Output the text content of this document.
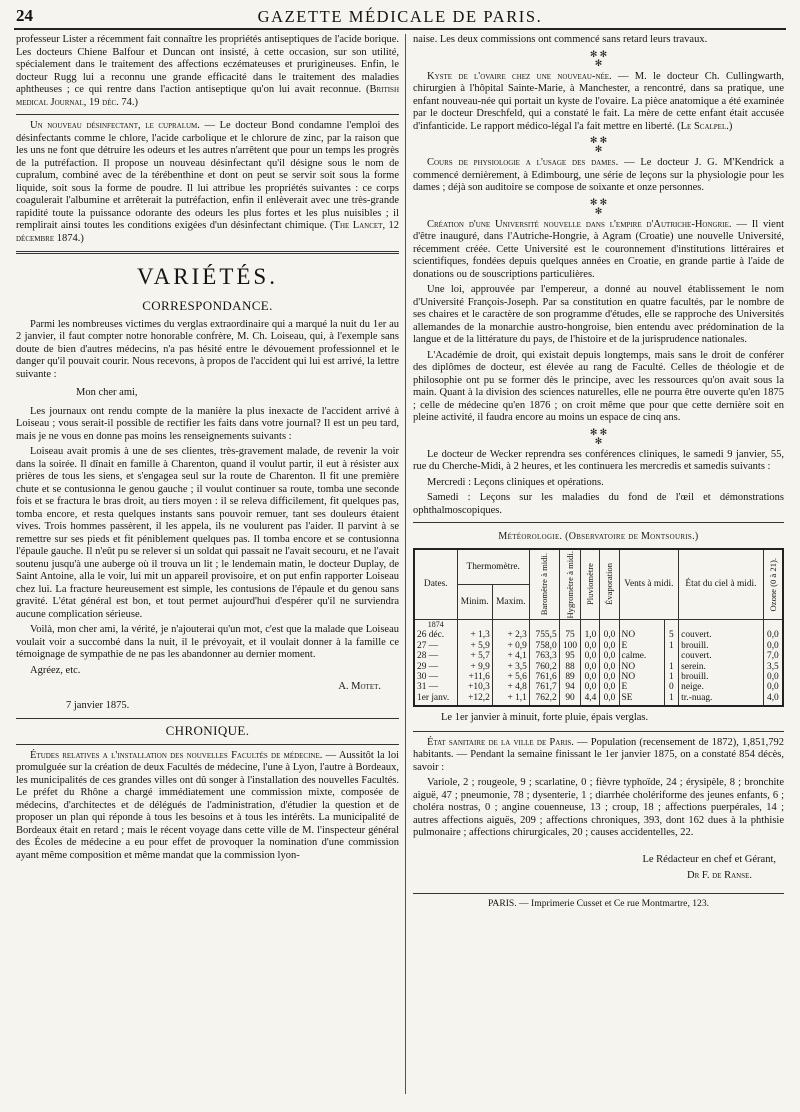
24	GAZETTE MÉDICALE DE PARIS.

professeur Lister a récemment fait connaître les propriétés antiseptiques de l'acide borique. Les docteurs Chiene Balfour et Duncan ont insisté, à cette occasion, sur son utilité, spécialement dans le traitement des affections eczémateuses et prurigineuses. Enfin, le docteur Rugg lui a reconnu une grande efficacité dans le traitement des maladies aphtheuses ; ce qui rentre dans l'action antiseptique qu'on lui avait reconnue. (British medical Journal, 19 déc. 74.)

Un nouveau désinfectant, le cupralum. — Le docteur Bond condamne l'emploi des désinfectants comme le chlore, l'acide carbolique et le chlorure de zinc, par la raison que les uns ne font que détruire les odeurs et les autres n'arrêtent que pour un temps les progrès de la putréfaction. Il propose un nouveau désinfectant qu'il désigne sous le nom de cupralum, combiné avec de la térébenthine et dont on peut se servir soit sous la forme liquide, soit sous la forme de poudre. Il lui attribue les propriétés suivantes : ce corps coagulerait l'albumine et arrêterait la putréfaction, enfin il enlèverait avec une très-grande rapidité toute la puissance odorante des odeurs les plus fortes et les plus nuisibles ; il remplirait ainsi toutes les conditions exigées d'un désinfectant chimique. (The Lancet, 12 décembre 1874.)

VARIÉTÉS.
CORRESPONDANCE.

Parmi les nombreuses victimes du verglas extraordinaire qui a marqué la nuit du 1er au 2 janvier, il faut compter notre honorable confrère, M. Ch. Loiseau, qui, à l'exemple sans doute de bien d'autres médecins, n'a pas hésité entre le dévouement professionnel et le danger qu'il pouvait courir. Nous recevons, à propos de l'accident qui lui est arrivé, la lettre suivante :

Mon cher ami,

Les journaux ont rendu compte de la manière la plus inexacte de l'accident arrivé à Loiseau ; vous serait-il possible de rectifier les faits dans votre journal? Il est un peu tard, mais je ne vous en donne pas moins les renseignements suivants :

Loiseau avait promis à une de ses clientes, très-gravement malade, de revenir la voir dans la soirée. Il dînait en famille à Charenton, quand il voulut partir, il eut à résister aux prières de tous les siens, et s'engagea seul sur la route de Charenton. Il fit une première chute et se contusionna le genou gauche ; il voulut continuer sa route, tomba une seconde fois et se fractura le bras droit, au tiers moyen : il se releva difficilement, fit quelques pas, tomba encore, et resta quelques instants sans pouvoir remuer, tant ses douleurs étaient vives. Trois hommes passèrent, il les appela, ils ne voulurent pas l'aider. Il parvint à se remettre sur ses pieds et fit péniblement quelques pas. Il tomba encore et se contusionna l'épaule gauche. Il n'eût pu se relever si un soldat qui passait ne l'avait secouru, et ne l'avait soutenu jusqu'à une auberge où il trouva un lit ; le lendemain matin, le docteur Duplay, de Saint Antoine, alla le voir, lui mit un appareil provisoire, et on put enfin rapporter Loiseau chez lui. La fracture heureusement est simple, les contusions de l'épaule et du genou sans gravité. L'état général est bon, et tout permet aujourd'hui d'espérer qu'il ne surviendra aucune complication sérieuse.

Voilà, mon cher ami, la vérité, je n'ajouterai qu'un mot, c'est que la malade que Loiseau voulait voir a succombé dans la nuit, il le prévoyait, et il voulait donner à la famille ce témoignage de sympathie de ne pas les abandonner au dernier moment.

Agréez, etc.

A. Motet.
7 janvier 1875.
CHRONIQUE.

Études relatives a l'installation des nouvelles Facultés de médecine. — Aussitôt la loi promulguée sur la création de deux Facultés de médecine, l'une à Lyon, l'autre à Bordeaux, les municipalités de ces grandes villes ont dû songer à l'installation des nouvelles Facultés. Le préfet du Rhône a chargé immédiatement une commission mixte, composée de médecins, d'architectes et de délégués de l'administration, d'étudier la question et de proposer un plan qui réponde à tous les besoins et à tous les intérêts. La municipalité de Bordeaux était en retard ; mais le récent voyage dans cette ville de M. l'inspecteur général des Écoles de médecine a eu pour effet de provoquer la nomination d'une commission ayant même composition et même mandat que la commission lyon-

naise. Les deux commissions ont commencé sans retard leurs travaux.

✻ ✻
✻

Kyste de l'ovaire chez une nouveau-née. — M. le docteur Ch. Cullingwarth, chirurgien à l'hôpital Sainte-Marie, à Manchester, a rencontré, dans sa pratique, une enfant nouveau-née qui portait un kyste de l'ovaire. La pièce anatomique a été examinée par le docteur Dreschfeld, qui a constaté le fait. La mère de cette enfant était accusée d'infanticide. Le rapport médico-légal l'a fait mettre en liberté. (Le Scalpel.)

✻ ✻
✻

Cours de physiologie a l'usage des dames. — Le docteur J. G. M'Kendrick a commencé dernièrement, à Edimbourg, une série de leçons sur la physiologie pour les dames ; déjà son auditoire se compose de soixante et onze personnes.

✻ ✻
✻

Création d'une Université nouvelle dans l'empire d'Autriche-Hongrie. — Il vient d'être inauguré, dans l'Autriche-Hongrie, à Agram (Croatie) une nouvelle Université, récemment créée. Cette Université est le couronnement d'institutions littéraires et scientifiques, fondées depuis quelques années en Croatie, en grande partie à l'aide de donations ou de souscriptions particulières.

Une loi, approuvée par l'empereur, a donné au nouvel établissement le nom d'Université François-Joseph. Par sa constitution en quatre facultés, par le nombre de ses chaires et le caractère de son programme d'études, elle se rapproche des Universités allemandes de la monarchie austro-hongroise, bien entendu avec prédomination de la langue et de la littérature du pays, de l'histoire et de la jurisprudence nationales.

L'Académie de droit, qui existait depuis longtemps, mais sans le droit de conférer des diplômes de docteur, est élevée au rang de Faculté. Celles de théologie et de philosophie ont pu se former dès le principe, avec les ressources qu'on avait sous la main. Quant à la division des sciences naturelles, elle ne pourra être ouverte qu'en 1875 ; celle de médecine qu'en 1876 ; on croit même que pour que cette dernière soit en pleine activité, il faudra encore au moins un espace de cinq ans.

✻ ✻
✻

Le docteur de Wecker reprendra ses conférences cliniques, le samedi 9 janvier, 55, rue du Cherche-Midi, à 2 heures, et les continuera les mercredis et samedis suivants :

Mercredi : Leçons cliniques et opérations.

Samedi : Leçons sur les maladies du fond de l'œil et démonstrations ophthalmoscopiques.

Météorologie. (Observatoire de Montsouris.)
Dates.	Thermomètre.		Baromètre à midi.	Hygromètre à midi.	Pluviomètre	Évaporation	Vents à midi.		État du ciel à midi.	Ozone (0 à 21).

	Minim.	Maxim.								
1874										
26 déc.	+ 1,3	+ 2,3	755,5	75	1,0	0,0	NO	5	couvert.	0,0
27 —	+ 5,9	+ 0,9	758,0	100	0,0	0,0	E	1	brouill.	0,0
28 —	+ 5,7	+ 4,1	763,3	95	0,0	0,0	calme.		couvert.	7,0
29 —	+ 9,9	+ 3,5	760,2	88	0,0	0,0	NO	1	serein.	3,5
30 —	+11,6	+ 5,6	761,6	89	0,0	0,0	NO	1	brouill.	0,0
31 —	+10,3	+ 4,8	761,7	94	0,0	0,0	E	0	neige.	0,0
1er janv.	+12,2	+ 1,1	762,2	90	4,4	0,0	SE	1	tr.-nuag.	4,0

Le 1er janvier à minuit, forte pluie, épais verglas.

État sanitaire de la ville de Paris. — Population (recensement de 1872), 1,851,792 habitants. — Pendant la semaine finissant le 1er janvier 1875, on a constaté 854 décès, savoir :

Variole, 2 ; rougeole, 9 ; scarlatine, 0 ; fièvre typhoïde, 24 ; érysipèle, 8 ; bronchite aiguë, 47 ; pneumonie, 78 ; dysenterie, 1 ; diarrhée cholériforme des jeunes enfants, 6 ; choléra nostras, 0 ; angine couenneuse, 13 ; croup, 18 ; affections puerpérales, 14 ; autres affections aiguës, 209 ; affections chroniques, 393, dont 162 dues à la phthisie pulmonaire ; affections chirurgicales, 20 ; causes accidentelles, 22.

Le Rédacteur en chef et Gérant,
Dr F. de Ranse.
PARIS. — Imprimerie Cusset et Ce rue Montmartre, 123.
